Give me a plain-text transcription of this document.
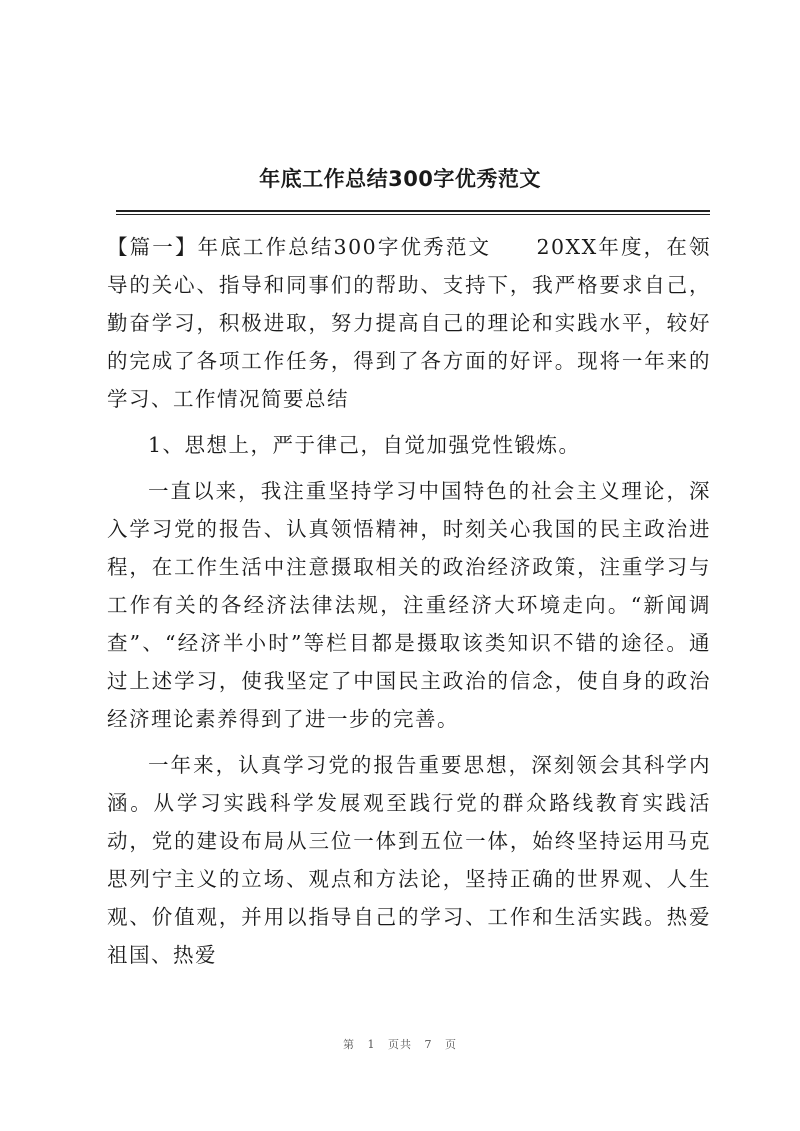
年底工作总结300字优秀范文

【篇一】年底工作总结300字优秀范文　　20XX年度，在领导的关心、指导和同事们的帮助、支持下，我严格要求自己，勤奋学习，积极进取，努力提高自己的理论和实践水平，较好的完成了各项工作任务，得到了各方面的好评。现将一年来的学习、工作情况简要总结

1、思想上，严于律己，自觉加强党性锻炼。

一直以来，我注重坚持学习中国特色的社会主义理论，深入学习党的报告、认真领悟精神，时刻关心我国的民主政治进程，在工作生活中注意摄取相关的政治经济政策，注重学习与工作有关的各经济法律法规，注重经济大环境走向。“新闻调查”、“经济半小时”等栏目都是摄取该类知识不错的途径。通过上述学习，使我坚定了中国民主政治的信念，使自身的政治经济理论素养得到了进一步的完善。

一年来，认真学习党的报告重要思想，深刻领会其科学内涵。从学习实践科学发展观至践行党的群众路线教育实践活动，党的建设布局从三位一体到五位一体，始终坚持运用马克思列宁主义的立场、观点和方法论，坚持正确的世界观、人生观、价值观，并用以指导自己的学习、工作和生活实践。热爱祖国、热爱

第 1 页共 7 页
